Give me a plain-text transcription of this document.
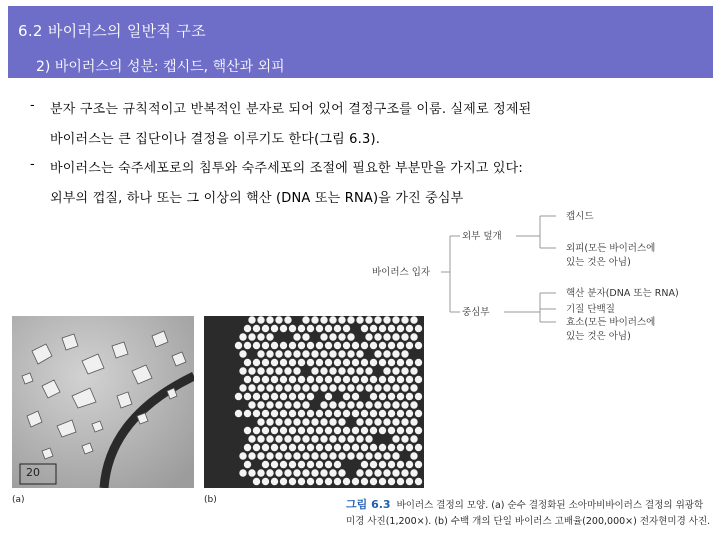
6.2 바이러스의 일반적 구조
2) 바이러스의 성분: 캡시드, 핵산과 외피
- 분자 구조는 규칙적이고 반복적인 분자로 되어 있어 결정구조를 이룸. 실제로 정제된
바이러스는 큰 집단이나 결정을 이루기도 한다(그림 6.3).
- 바이러스는 숙주세포로의 침투와 숙주세포의 조절에 필요한 부분만을 가지고 있다:
외부의 껍질, 하나 또는 그 이상의 핵산 (DNA 또는 RNA)을 가진 중심부
바이러스 입자
외부 덮개
중심부
캡시드
외피(모든 바이러스에
있는 것은 아님)
핵산 분자(DNA 또는 RNA)
기질 단백질
효소(모든 바이러스에
있는 것은 아님)
20
(a)	(b)	그림 6.3 바이러스 결정의 모양. (a) 순수 결정화된 소아마비바이러스 결정의 위광학
미경 사진(1,200×). (b) 수백 개의 단일 바이러스 고배율(200,000×) 전자현미경 사진.
